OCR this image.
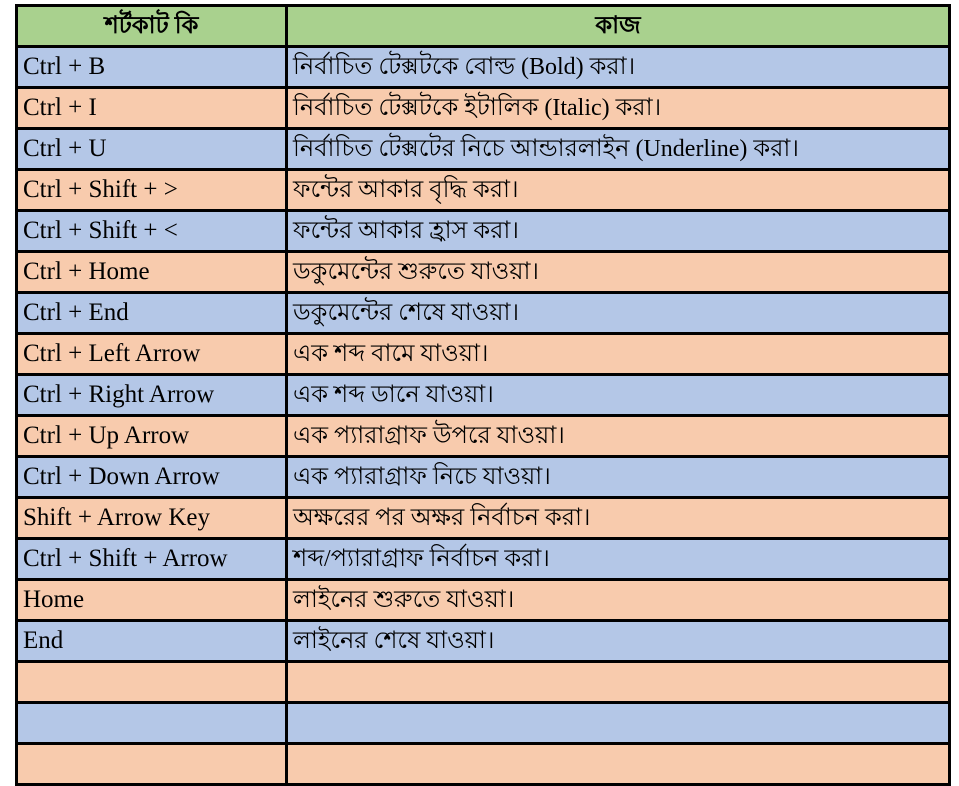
শর্টকাট কি	কাজ
Ctrl + B	নির্বাচিত টেক্সটকে বোল্ড (Bold) করা।
Ctrl + I	নির্বাচিত টেক্সটকে ইটালিক (Italic) করা।
Ctrl + U	নির্বাচিত টেক্সটের নিচে আন্ডারলাইন (Underline) করা।
Ctrl + Shift + >	ফন্টের আকার বৃদ্ধি করা।
Ctrl + Shift + <	ফন্টের আকার হ্রাস করা।
Ctrl + Home	ডকুমেন্টের শুরুতে যাওয়া।
Ctrl + End	ডকুমেন্টের শেষে যাওয়া।
Ctrl + Left Arrow	এক শব্দ বামে যাওয়া।
Ctrl + Right Arrow	এক শব্দ ডানে যাওয়া।
Ctrl + Up Arrow	এক প্যারাগ্রাফ উপরে যাওয়া।
Ctrl + Down Arrow	এক প্যারাগ্রাফ নিচে যাওয়া।
Shift + Arrow Key	অক্ষরের পর অক্ষর নির্বাচন করা।
Ctrl + Shift + Arrow	শব্দ/প্যারাগ্রাফ নির্বাচন করা।
Home	লাইনের শুরুতে যাওয়া।
End	লাইনের শেষে যাওয়া।
